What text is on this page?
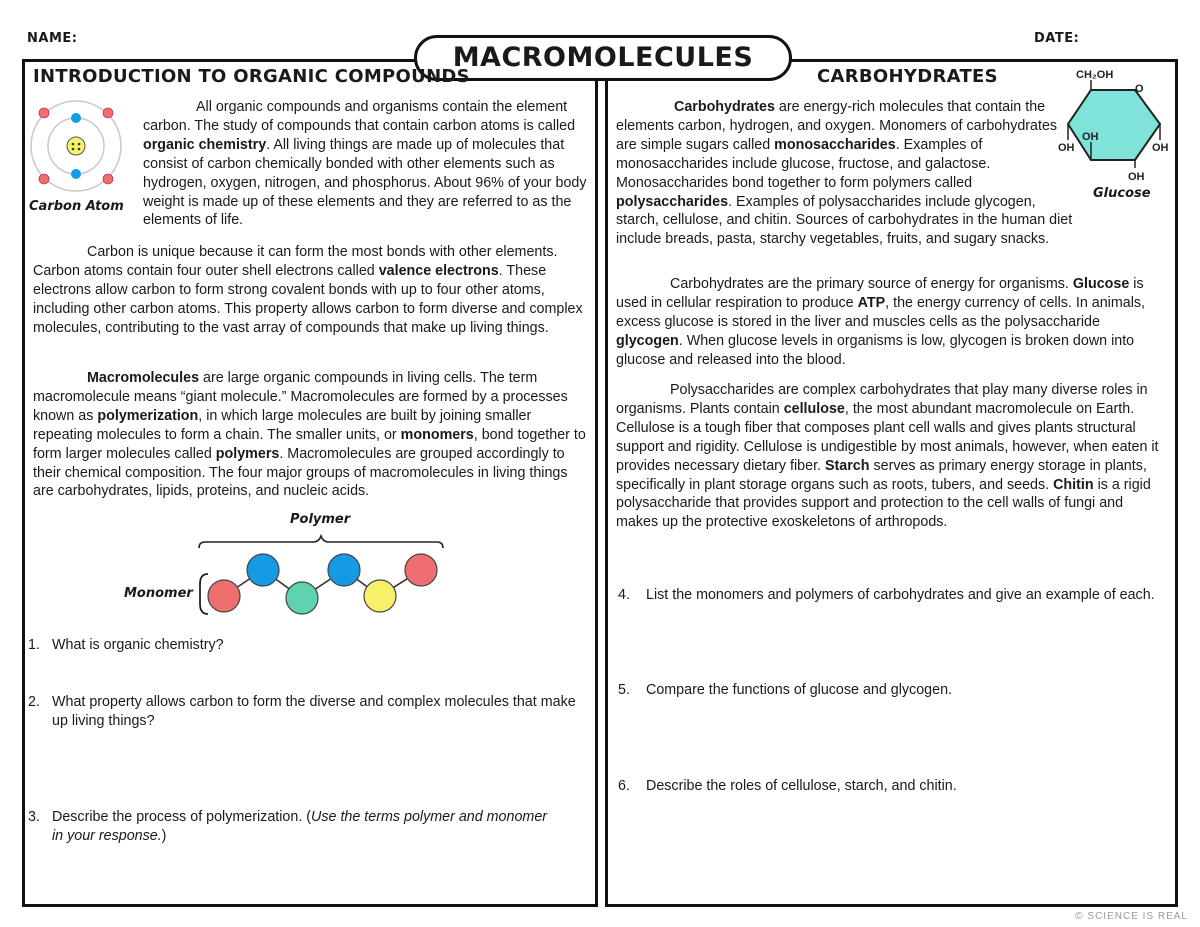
NAME:	DATE:
MACROMOLECULES
INTRODUCTION TO ORGANIC COMPOUNDS
Carbon Atom

All organic compounds and organisms contain the element carbon. The study of compounds that contain carbon atoms is called organic chemistry. All living things are made up of molecules that consist of carbon chemically bonded with other elements such as hydrogen, oxygen, nitrogen, and phosphorus. About 96% of your body weight is made up of these elements and they are referred to as the elements of life.

Carbon is unique because it can form the most bonds with other elements. Carbon atoms contain four outer shell electrons called valence electrons. These electrons allow carbon to form strong covalent bonds with up to four other atoms, including other carbon atoms. This property allows carbon to form diverse and complex molecules, contributing to the vast array of compounds that make up living things.

Macromolecules are large organic compounds in living cells. The term macromolecule means “giant molecule.” Macromolecules are formed by a processes known as polymerization, in which large molecules are built by joining smaller repeating molecules to form a chain. The smaller units, or monomers, bond together to form larger molecules called polymers. Macromolecules are grouped accordingly to their chemical composition. The four major groups of macromolecules in living things are carbohydrates, lipids, proteins, and nucleic acids.

Polymer
Monomer
1. What is organic chemistry?
2. What property allows carbon to form the diverse and complex molecules that make up living things?
3. Describe the process of polymerization. (Use the terms polymer and monomer in your response.)
CARBOHYDRATES	CH₂OH
O
OH
OH
OH
OH
Glucose

Carbohydrates are energy-rich molecules that contain the elements carbon, hydrogen, and oxygen. Monomers of carbohydrates are simple sugars called monosaccharides. Examples of monosaccharides include glucose, fructose, and galactose. Monosaccharides bond together to form polymers called polysaccharides. Examples of polysaccharides include glycogen, starch, cellulose, and chitin. Sources of carbohydrates in the human diet include breads, pasta, starchy vegetables, fruits, and sugary snacks.

Carbohydrates are the primary source of energy for organisms. Glucose is used in cellular respiration to produce ATP, the energy currency of cells. In animals, excess glucose is stored in the liver and muscles cells as the polysaccharide glycogen. When glucose levels in organisms is low, glycogen is broken down into glucose and released into the blood.

Polysaccharides are complex carbohydrates that play many diverse roles in organisms. Plants contain cellulose, the most abundant macromolecule on Earth. Cellulose is a tough fiber that composes plant cell walls and gives plants structural support and rigidity. Cellulose is undigestible by most animals, however, when eaten it provides necessary dietary fiber. Starch serves as primary energy storage in plants, specifically in plant storage organs such as roots, tubers, and seeds. Chitin is a rigid polysaccharide that provides support and protection to the cell walls of fungi and makes up the protective exoskeletons of arthropods.

4.	List the monomers and polymers of carbohydrates and give an example of each.
5.	Compare the functions of glucose and glycogen.
6.	Describe the roles of cellulose, starch, and chitin.
© SCIENCE IS REAL
